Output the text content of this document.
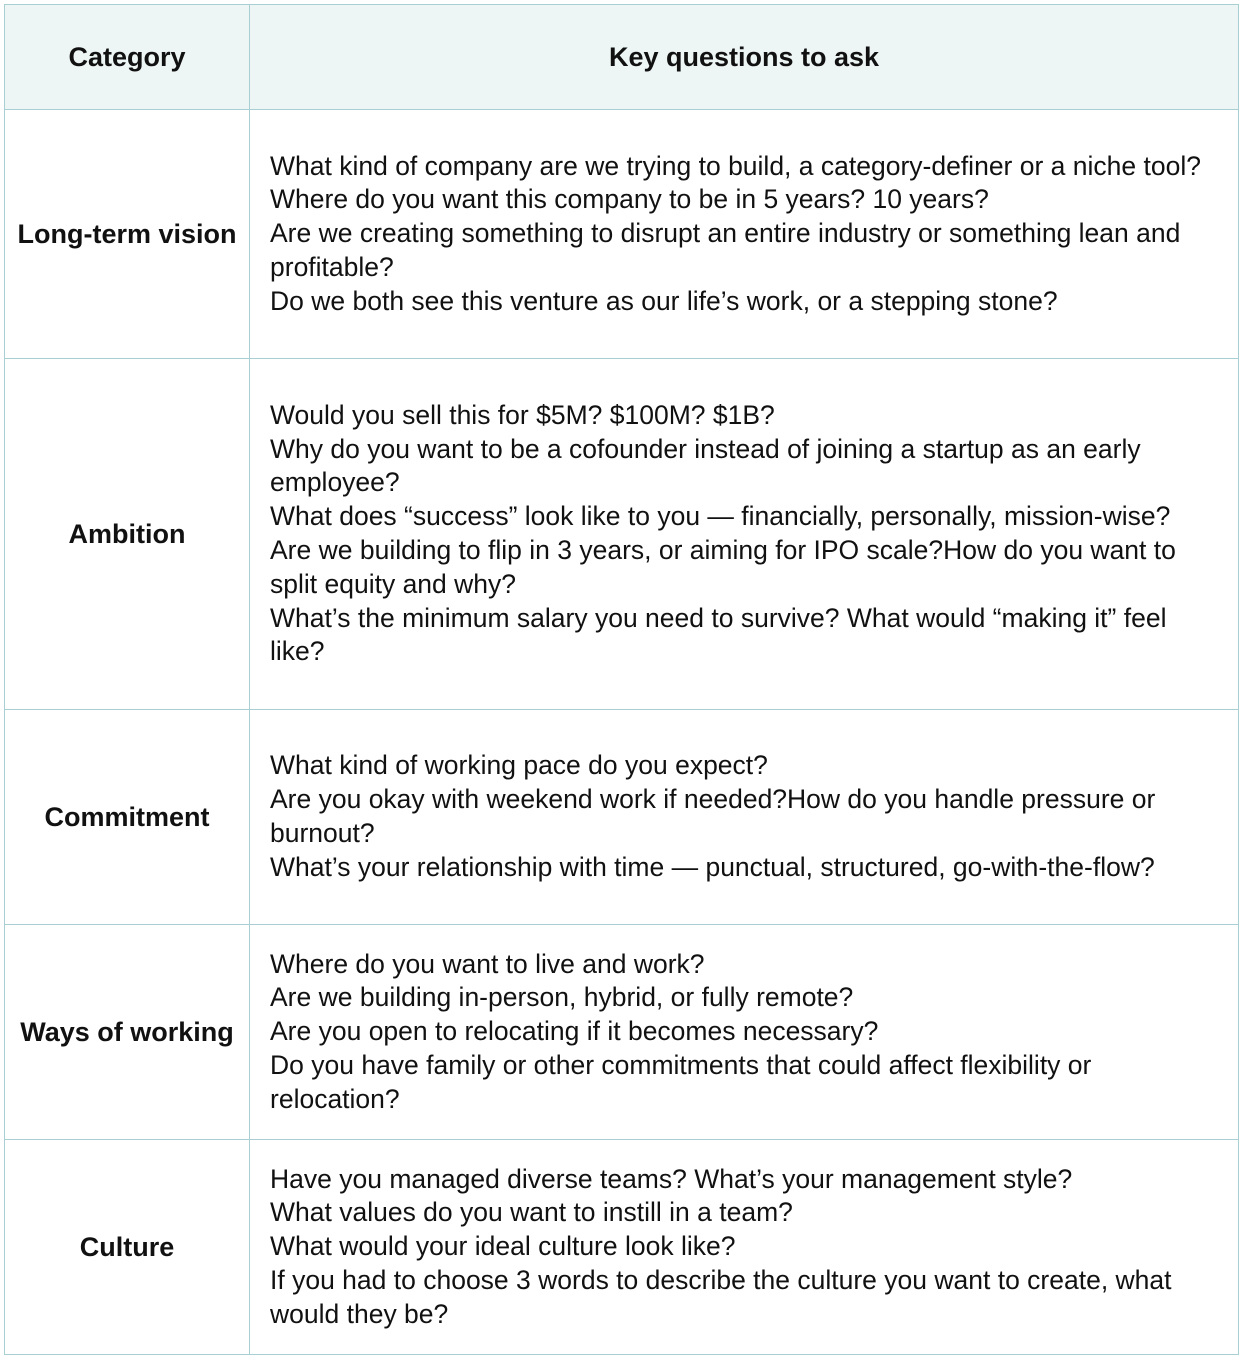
Category	Key questions to ask
Long-term vision	What kind of company are we trying to build, a category-definer or a niche tool?
Where do you want this company to be in 5 years? 10 years?
Are we creating something to disrupt an entire industry or something lean and profitable?
Do we both see this venture as our life’s work, or a stepping stone?

Ambition	Would you sell this for $5M? $100M? $1B?
Why do you want to be a cofounder instead of joining a startup as an early employee?
What does “success” look like to you — financially, personally, mission-wise?
Are we building to flip in 3 years, or aiming for IPO scale?How do you want to split equity and why?
What’s the minimum salary you need to survive? What would “making it” feel like?

Commitment	What kind of working pace do you expect?
Are you okay with weekend work if needed?How do you handle pressure or burnout?
What’s your relationship with time — punctual, structured, go-with-the-flow?

Ways of working	Where do you want to live and work?
Are we building in-person, hybrid, or fully remote?
Are you open to relocating if it becomes necessary?
Do you have family or other commitments that could affect flexibility or relocation?

Culture	Have you managed diverse teams? What’s your management style?
What values do you want to instill in a team?
What would your ideal culture look like?
If you had to choose 3 words to describe the culture you want to create, what would they be?
